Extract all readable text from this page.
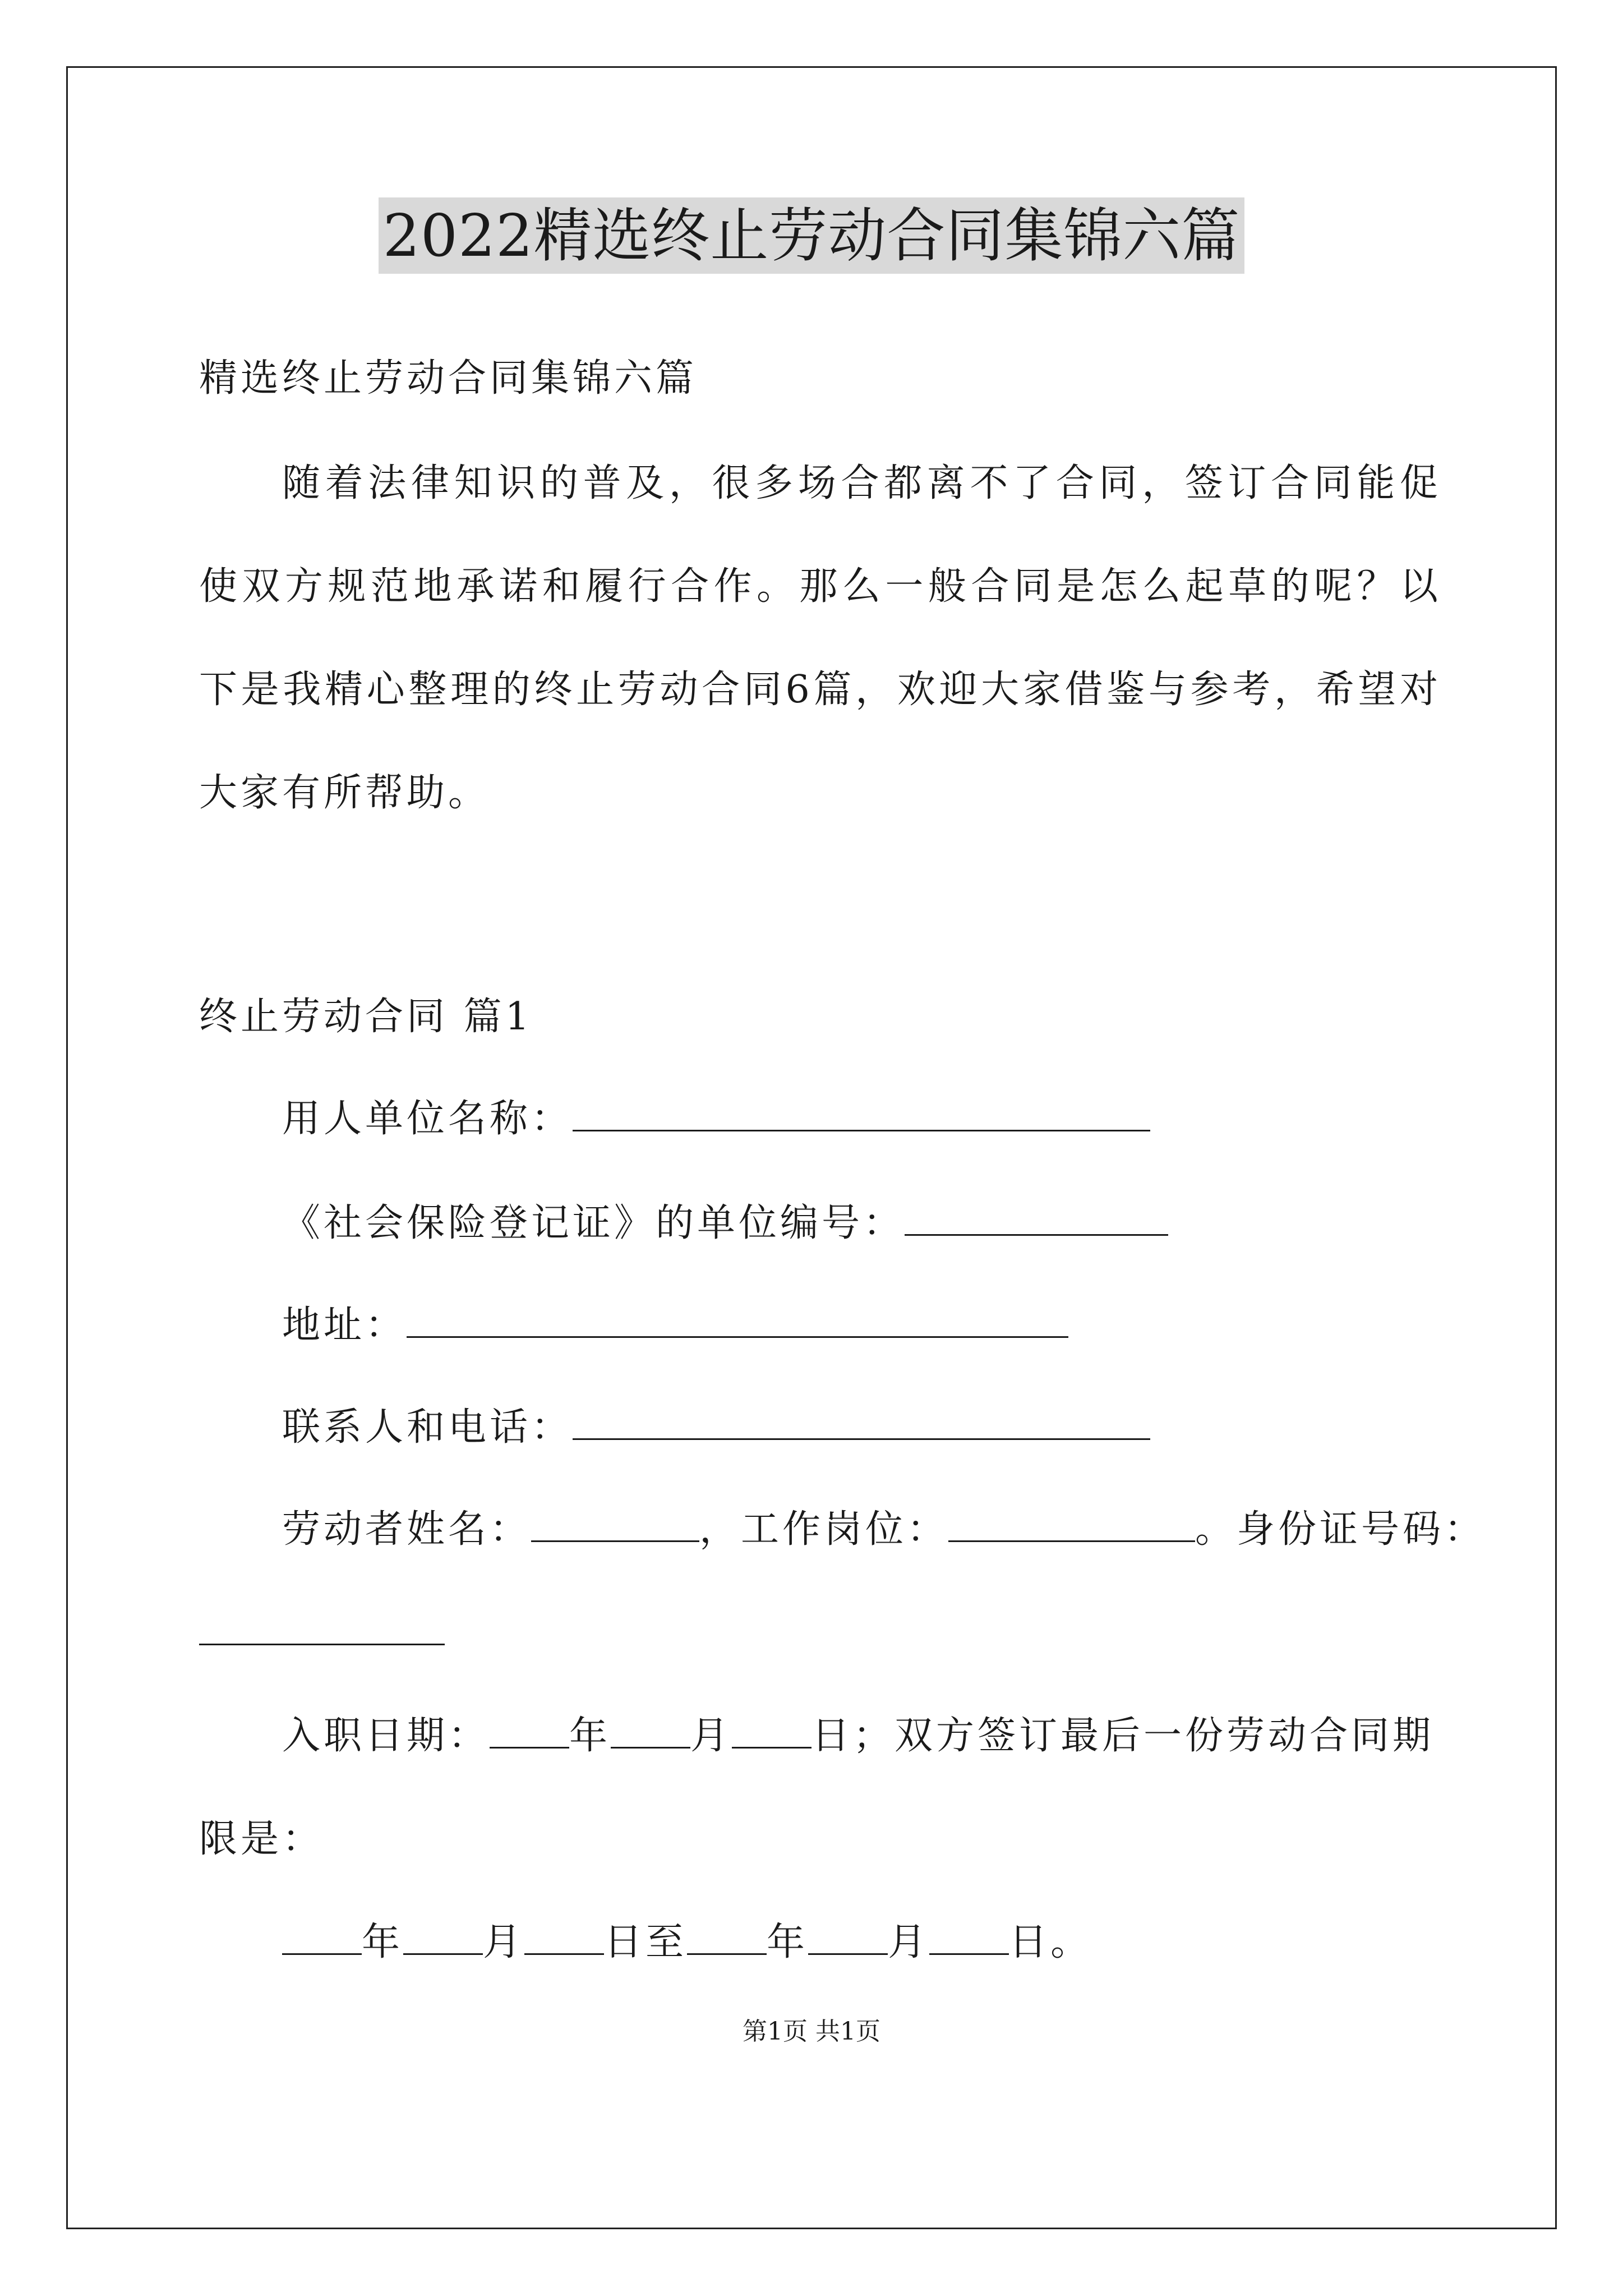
2022精选终止劳动合同集锦六篇
精选终止劳动合同集锦六篇
随着法律知识的普及，很多场合都离不了合同，签订合同能促使双方规范地承诺和履行合作。那么一般合同是怎么起草的呢？以下是我精心整理的终止劳动合同6篇，欢迎大家借鉴与参考，希望对大家有所帮助。
终止劳动合同 篇1
用人单位名称：
《社会保险登记证》的单位编号：
地址：
联系人和电话：
劳动者姓名：	，工作岗位：	。身份证号码：
入职日期： 年 月 日；双方签订最后一份劳动合同期
限是：
年 月 日至 年 月 日。
第1页 共1页
